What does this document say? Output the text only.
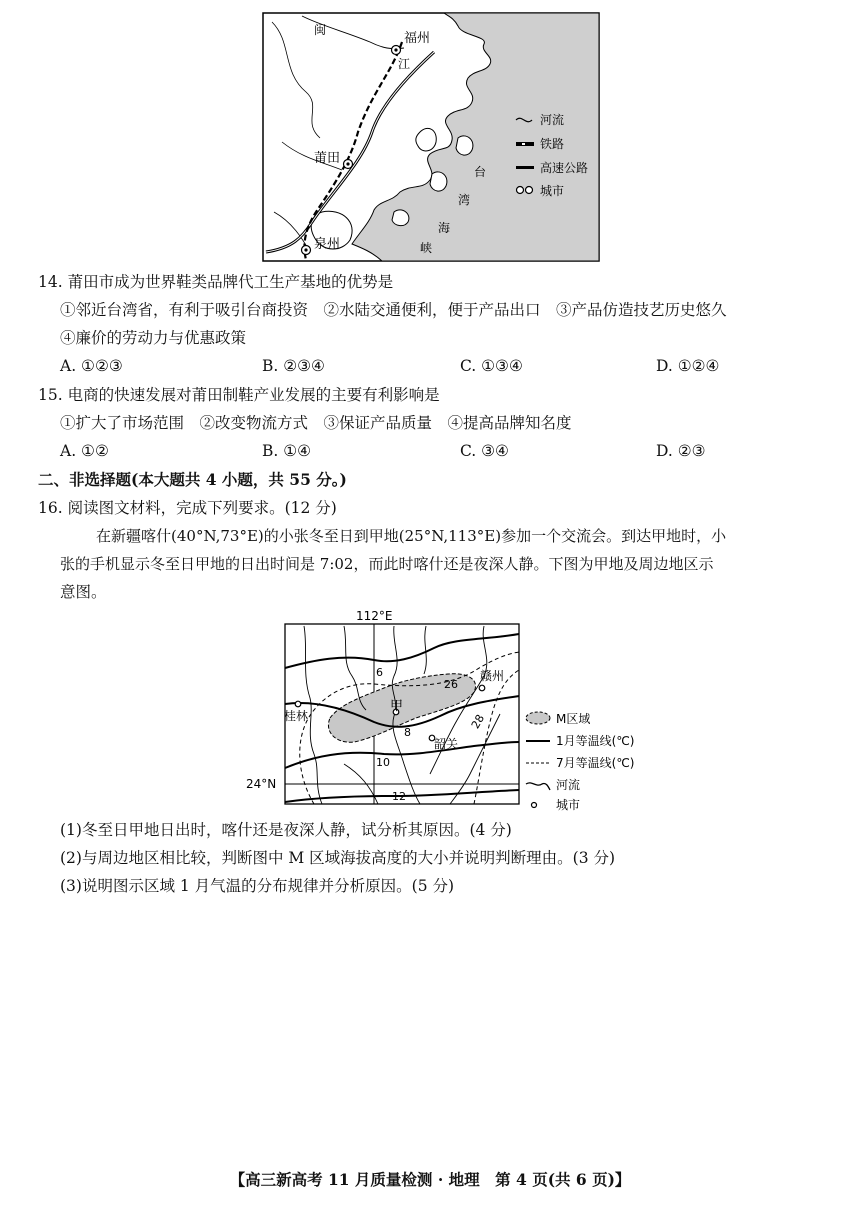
闽
福州
江
莆田
泉州
台
湾
海
峡
河流
铁路
高速公路
城市
14. 莆田市成为世界鞋类品牌代工生产基地的优势是
①邻近台湾省，有利于吸引台商投资　②水陆交通便利，便于产品出口　③产品仿造技艺历史悠久
④廉价的劳动力与优惠政策
A. ①②③	B. ②③④	C. ①③④	D. ①②④
15. 电商的快速发展对莆田制鞋产业发展的主要有利影响是
①扩大了市场范围　②改变物流方式　③保证产品质量　④提高品牌知名度
A. ①②	B. ①④	C. ③④	D. ②③
二、非选择题(本大题共 4 小题，共 55 分。)
16. 阅读图文材料，完成下列要求。(12 分)
在新疆喀什(40°N,73°E)的小张冬至日到甲地(25°N,113°E)参加一个交流会。到达甲地时，小
张的手机显示冬至日甲地的日出时间是 7:02，而此时喀什还是夜深人静。下图为甲地及周边地区示
意图。
112°E
24°N
桂林
甲
赣州
韶关
6
8
10
12
26
28	M区域
1月等温线(℃)
7月等温线(℃)
河流
城市
(1)冬至日甲地日出时，喀什还是夜深人静，试分析其原因。(4 分)
(2)与周边地区相比较，判断图中 M 区域海拔高度的大小并说明判断理由。(3 分)
(3)说明图示区域 1 月气温的分布规律并分析原因。(5 分)
【高三新高考 11 月质量检测 · 地理　第 4 页(共 6 页)】
